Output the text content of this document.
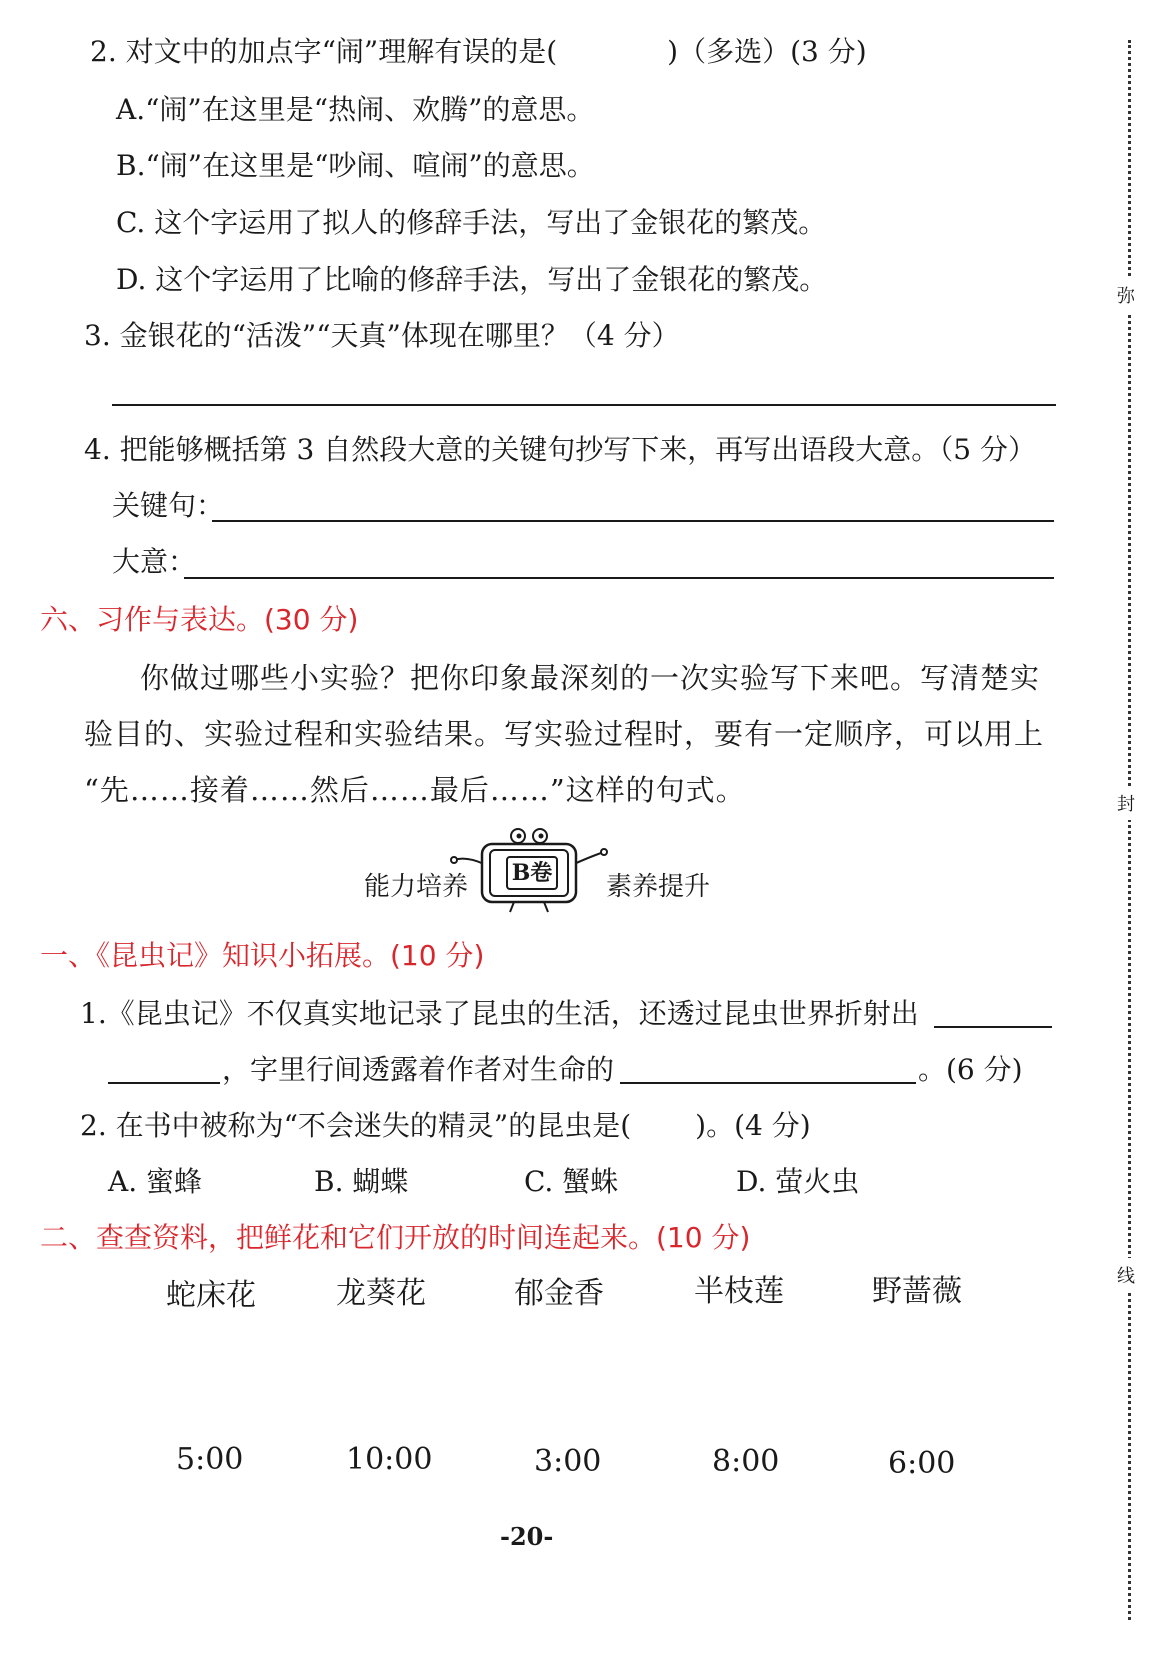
弥
封
线
2. 对文中的加点字“闹”理解有误的是(	)（多选）(3 分)
A.“闹”在这里是“热闹、欢腾”的意思。
B.“闹”在这里是“吵闹、喧闹”的意思。
C. 这个字运用了拟人的修辞手法，写出了金银花的繁茂。
D. 这个字运用了比喻的修辞手法，写出了金银花的繁茂。
3. 金银花的“活泼”“天真”体现在哪里？（4 分）
4. 把能够概括第 3 自然段大意的关键句抄写下来，再写出语段大意。（5 分）
关键句：
大意：
六、习作与表达。(30 分)
你做过哪些小实验？把你印象最深刻的一次实验写下来吧。写清楚实
验目的、实验过程和实验结果。写实验过程时，要有一定顺序，可以用上
“先……接着……然后……最后……”这样的句式。
能力培养 B卷 素养提升
一、《昆虫记》知识小拓展。(10 分)
1.《昆虫记》不仅真实地记录了昆虫的生活，还透过昆虫世界折射出
，字里行间透露着作者对生命的	。(6 分)
2. 在书中被称为“不会迷失的精灵”的昆虫是( )。(4 分)
A. 蜜蜂	B. 蝴蝶	C. 蟹蛛	D. 萤火虫
二、查查资料，把鲜花和它们开放的时间连起来。(10 分)
蛇床花	龙葵花	郁金香	半枝莲	野蔷薇
5:00	10:00	3:00	8:00	6:00
-20-
